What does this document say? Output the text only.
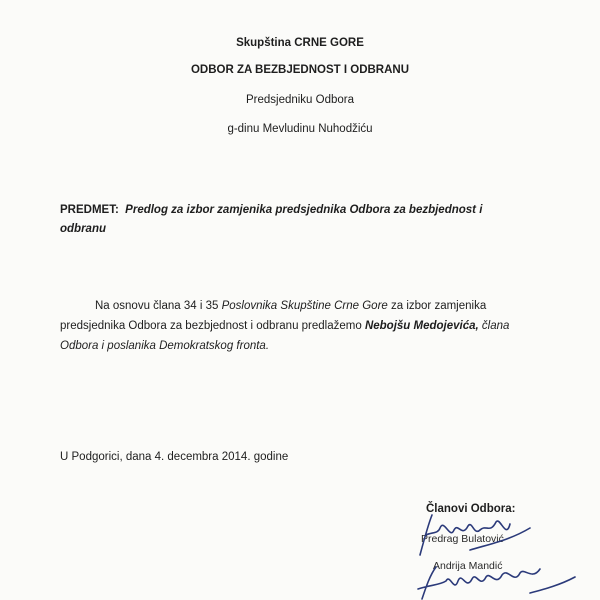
Skupština CRNE GORE
ODBOR ZA BEZBJEDNOST I ODBRANU
Predsjedniku Odbora
g-dinu Mevludinu Nuhodžiću
PREDMET: Predlog za izbor zamjenika predsjednika Odbora za bezbjednost i odbranu
Na osnovu člana 34 i 35 Poslovnika Skupštine Crne Gore za izbor zamjenika predsjednika Odbora za bezbjednost i odbranu predlažemo Nebojšu Medojevića, člana Odbora i poslanika Demokratskog fronta.
U Podgorici, dana 4. decembra 2014. godine
Članovi Odbora:
Predrag Bulatović
Andrija Mandić
